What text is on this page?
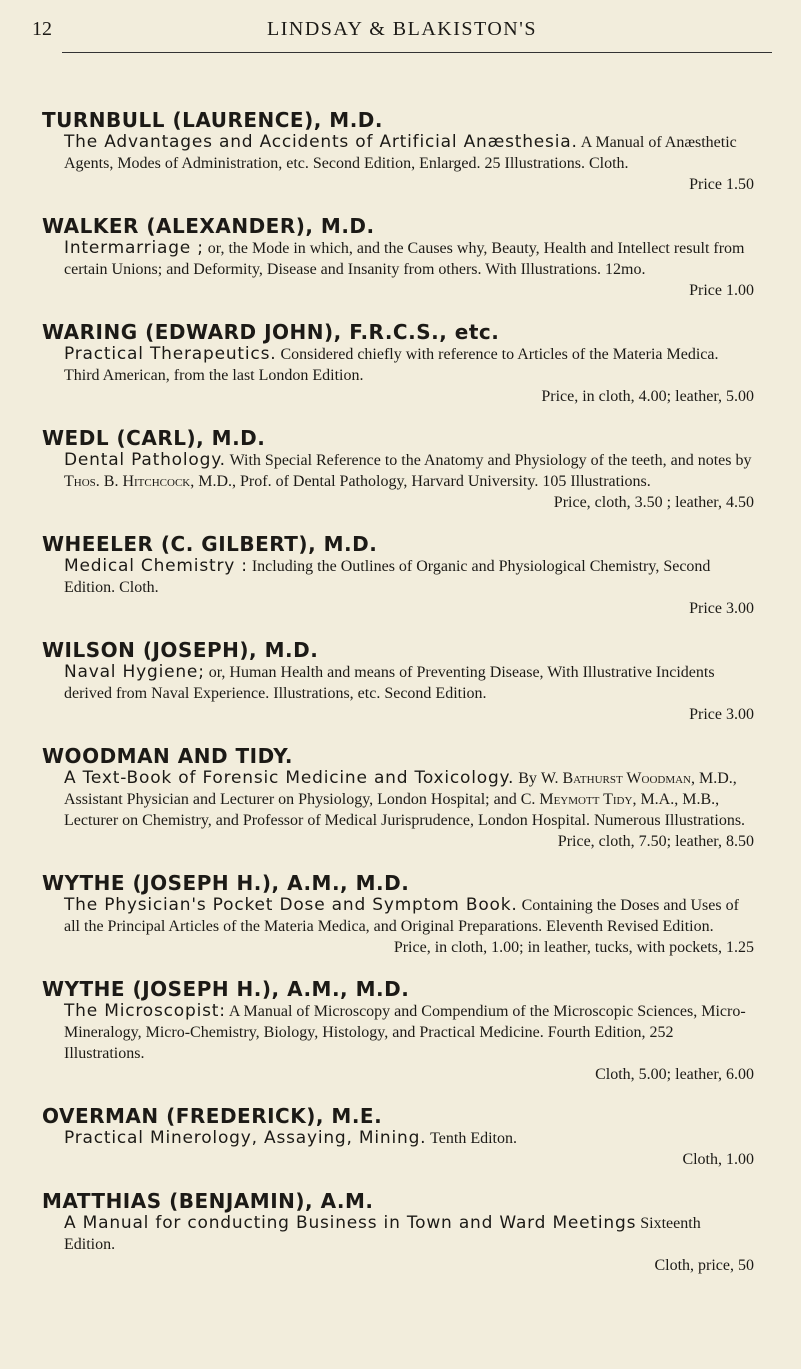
12	LINDSAY & BLAKISTON'S
TURNBULL (LAURENCE), M.D.
The Advantages and Accidents of Artificial Anæsthesia. A Manual of Anæsthetic Agents, Modes of Administration, etc. Second Edition, Enlarged. 25 Illustrations. Cloth.
Price 1.50
WALKER (ALEXANDER), M.D.
Intermarriage ; or, the Mode in which, and the Causes why, Beauty, Health and Intellect result from certain Unions; and Deformity, Disease and Insanity from others. With Illustrations. 12mo.
Price 1.00
WARING (EDWARD JOHN), F.R.C.S., etc.
Practical Therapeutics. Considered chiefly with reference to Articles of the Materia Medica. Third American, from the last London Edition.
Price, in cloth, 4.00; leather, 5.00
WEDL (CARL), M.D.
Dental Pathology. With Special Reference to the Anatomy and Physiology of the teeth, and notes by Thos. B. Hitchcock, M.D., Prof. of Dental Pathology, Harvard University. 105 Illustrations.
Price, cloth, 3.50 ; leather, 4.50
WHEELER (C. GILBERT), M.D.
Medical Chemistry : Including the Outlines of Organic and Physiological Chemistry, Second Edition. Cloth.
Price 3.00
WILSON (JOSEPH), M.D.
Naval Hygiene; or, Human Health and means of Preventing Disease, With Illustrative Incidents derived from Naval Experience. Illustrations, etc. Second Edition.
Price 3.00
WOODMAN AND TIDY.
A Text-Book of Forensic Medicine and Toxicology. By W. Bathurst Woodman, M.D., Assistant Physician and Lecturer on Physiology, London Hospital; and C. Meymott Tidy, M.A., M.B., Lecturer on Chemistry, and Professor of Medical Jurisprudence, London Hospital. Numerous Illustrations.
Price, cloth, 7.50; leather, 8.50
WYTHE (JOSEPH H.), A.M., M.D.
The Physician's Pocket Dose and Symptom Book. Containing the Doses and Uses of all the Principal Articles of the Materia Medica, and Original Preparations. Eleventh Revised Edition.
Price, in cloth, 1.00; in leather, tucks, with pockets, 1.25
WYTHE (JOSEPH H.), A.M., M.D.
The Microscopist: A Manual of Microscopy and Compendium of the Microscopic Sciences, Micro-Mineralogy, Micro-Chemistry, Biology, Histology, and Practical Medicine. Fourth Edition, 252 Illustrations.
Cloth, 5.00; leather, 6.00
OVERMAN (FREDERICK), M.E.
Practical Minerology, Assaying, Mining. Tenth Editon.
Cloth, 1.00
MATTHIAS (BENJAMIN), A.M.
A Manual for conducting Business in Town and Ward Meetings Sixteenth Edition.
Cloth, price, 50
